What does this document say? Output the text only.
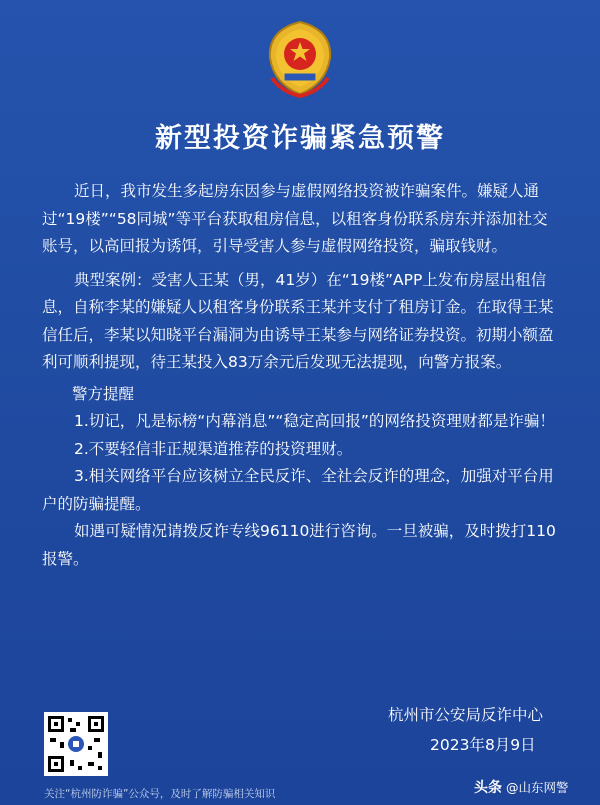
新型投资诈骗紧急预警

近日，我市发生多起房东因参与虚假网络投资被诈骗案件。嫌疑人通过“19楼”“58同城”等平台获取租房信息，以租客身份联系房东并添加社交账号，以高回报为诱饵，引导受害人参与虚假网络投资，骗取钱财。

典型案例：受害人王某（男，41岁）在“19楼”APP上发布房屋出租信息，自称李某的嫌疑人以租客身份联系王某并支付了租房订金。在取得王某信任后，李某以知晓平台漏洞为由诱导王某参与网络证券投资。初期小额盈利可顺利提现，待王某投入83万余元后发现无法提现，向警方报案。

警方提醒

1.切记，凡是标榜“内幕消息”“稳定高回报”的网络投资理财都是诈骗！

2.不要轻信非正规渠道推荐的投资理财。

3.相关网络平台应该树立全民反诈、全社会反诈的理念，加强对平台用户的防骗提醒。

如遇可疑情况请拨反诈专线96110进行咨询。一旦被骗，及时拨打110报警。

杭州市公安局反诈中心
2023年8月9日
关注“杭州防诈骗”公众号，及时了解防骗相关知识	头条 @山东网警
